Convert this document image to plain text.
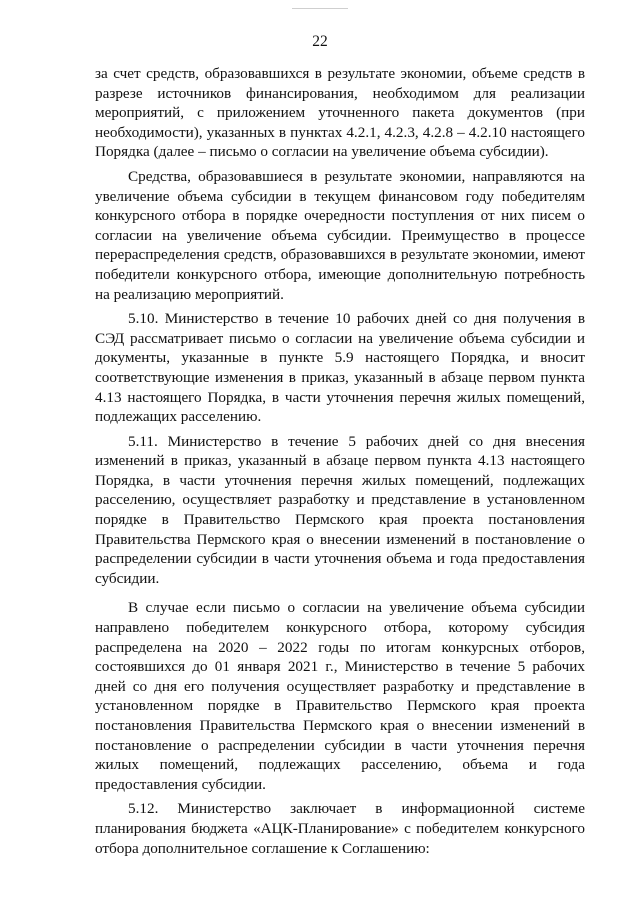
22

за счет средств, образовавшихся в результате экономии, объеме средств в разрезе источников финансирования, необходимом для реализации мероприятий, с приложением уточненного пакета документов (при необходимости), указанных в пунктах 4.2.1, 4.2.3, 4.2.8 – 4.2.10 настоящего Порядка (далее – письмо о согласии на увеличение объема субсидии).

Средства, образовавшиеся в результате экономии, направляются на увеличение объема субсидии в текущем финансовом году победителям конкурсного отбора в порядке очередности поступления от них писем о согласии на увеличение объема субсидии. Преимущество в процессе перераспределения средств, образовавшихся в результате экономии, имеют победители конкурсного отбора, имеющие дополнительную потребность на реализацию мероприятий.

5.10. Министерство в течение 10 рабочих дней со дня получения в СЭД рассматривает письмо о согласии на увеличение объема субсидии и документы, указанные в пункте 5.9 настоящего Порядка, и вносит соответствующие изменения в приказ, указанный в абзаце первом пункта 4.13 настоящего Порядка, в части уточнения перечня жилых помещений, подлежащих расселению.

5.11. Министерство в течение 5 рабочих дней со дня внесения изменений в приказ, указанный в абзаце первом пункта 4.13 настоящего Порядка, в части уточнения перечня жилых помещений, подлежащих расселению, осуществляет разработку и представление в установленном порядке в Правительство Пермского края проекта постановления Правительства Пермского края о внесении изменений в постановление о распределении субсидии в части уточнения объема и года предоставления субсидии.

В случае если письмо о согласии на увеличение объема субсидии направлено победителем конкурсного отбора, которому субсидия распределена на 2020 – 2022 годы по итогам конкурсных отборов, состоявшихся до 01 января 2021 г., Министерство в течение 5 рабочих дней со дня его получения осуществляет разработку и представление в установленном порядке в Правительство Пермского края проекта постановления Правительства Пермского края о внесении изменений в постановление о распределении субсидии в части уточнения перечня жилых помещений, подлежащих расселению, объема и года предоставления субсидии.

5.12. Министерство заключает в информационной системе планирования бюджета «АЦК-Планирование» с победителем конкурсного отбора дополнительное соглашение к Соглашению:
